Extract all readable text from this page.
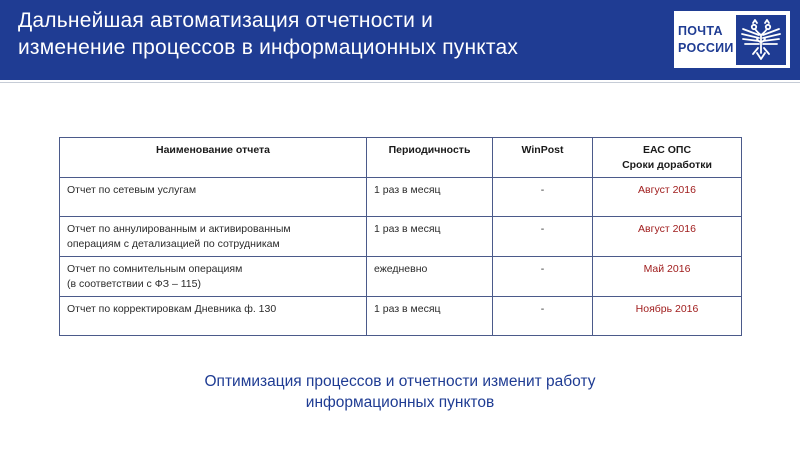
Дальнейшая автоматизация отчетности и
изменение процессов в информационных пунктах
ПОЧТА
РОССИИ
Наименование отчета	Периодичность	WinPost	ЕАС ОПС
Сроки доработки

Отчет по сетевым услугам	1 раз в месяц	-	Август 2016

Отчет по аннулированным и активированным
операциям с детализацией по сотрудникам	1 раз в месяц	-	Август 2016

Отчет по сомнительным операциям
(в соответствии с ФЗ – 115)	ежедневно	-	Май 2016

Отчет по корректировкам Дневника ф. 130	1 раз в месяц	-	Ноябрь 2016
Оптимизация процессов и отчетности изменит работу
информационных пунктов
